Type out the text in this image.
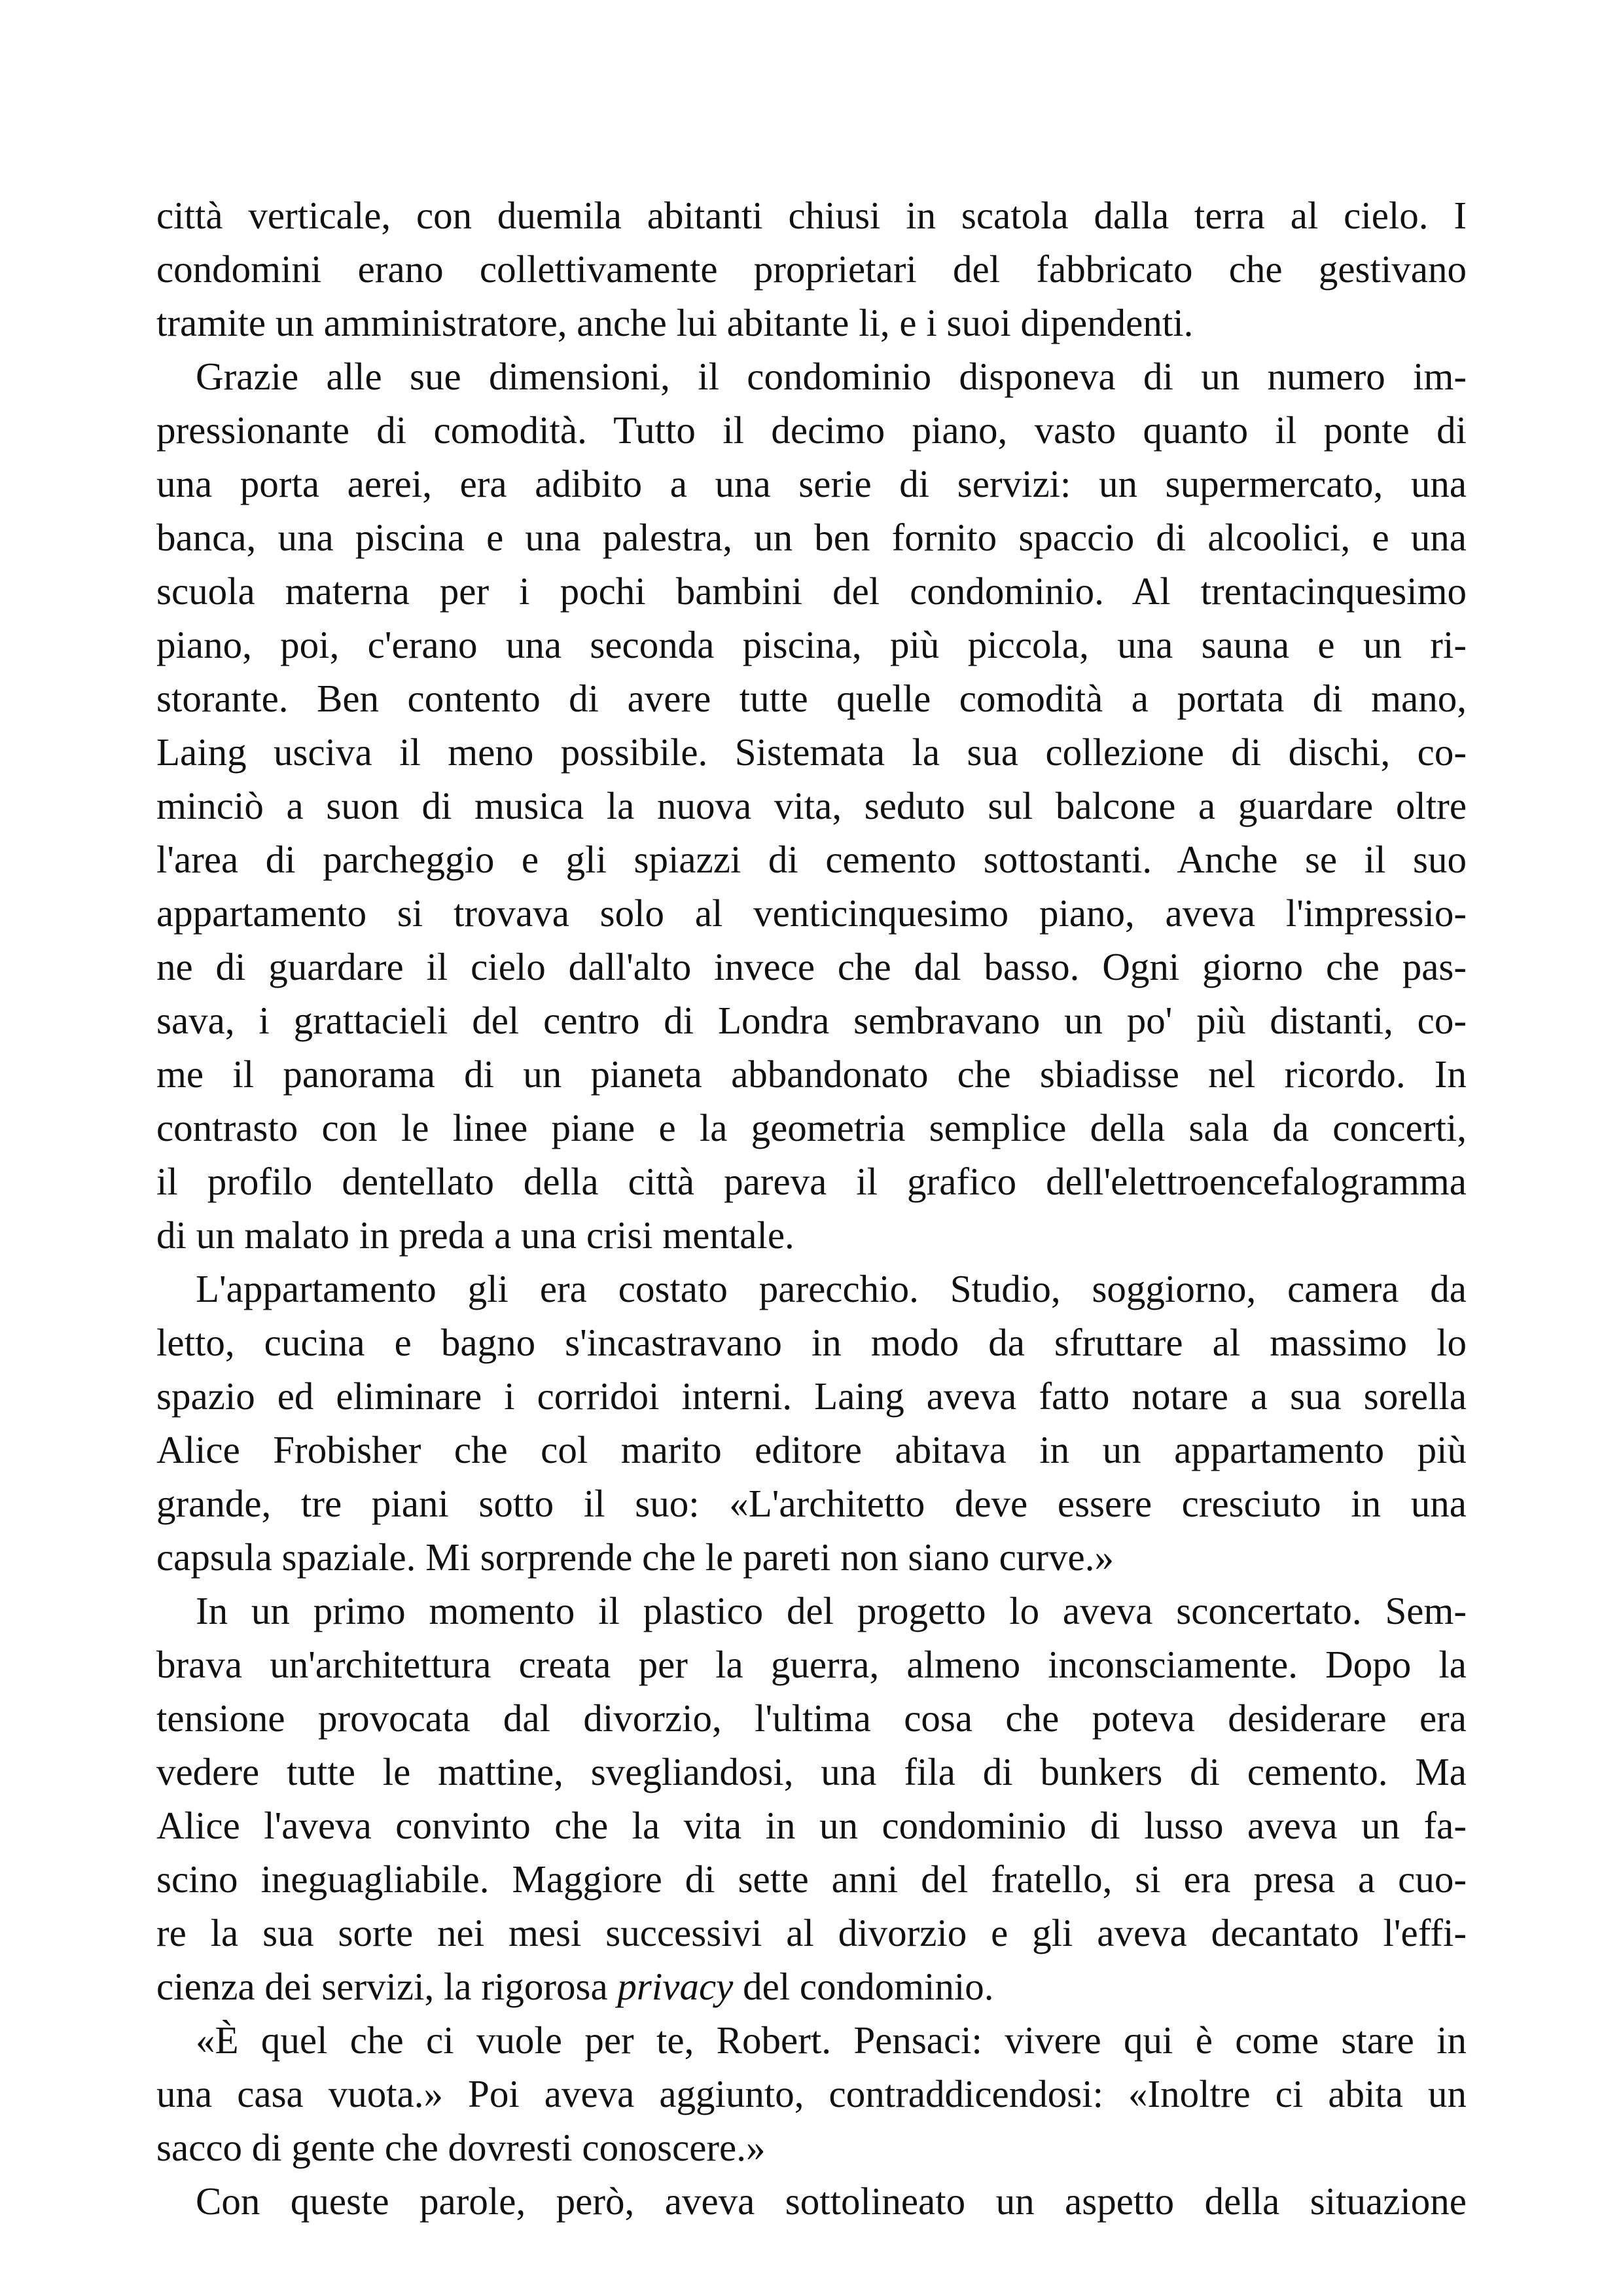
città verticale, con duemila abitanti chiusi in scatola dalla terra al cielo. I
condomini erano collettivamente proprietari del fabbricato che gestivano
tramite un amministratore, anche lui abitante li, e i suoi dipendenti.
Grazie alle sue dimensioni, il condominio disponeva di un numero im-
pressionante di comodità. Tutto il decimo piano, vasto quanto il ponte di
una porta aerei, era adibito a una serie di servizi: un supermercato, una
banca, una piscina e una palestra, un ben fornito spaccio di alcoolici, e una
scuola materna per i pochi bambini del condominio. Al trentacinquesimo
piano, poi, c'erano una seconda piscina, più piccola, una sauna e un ri-
storante. Ben contento di avere tutte quelle comodità a portata di mano,
Laing usciva il meno possibile. Sistemata la sua collezione di dischi, co-
minciò a suon di musica la nuova vita, seduto sul balcone a guardare oltre
l'area di parcheggio e gli spiazzi di cemento sottostanti. Anche se il suo
appartamento si trovava solo al venticinquesimo piano, aveva l'impressio-
ne di guardare il cielo dall'alto invece che dal basso. Ogni giorno che pas-
sava, i grattacieli del centro di Londra sembravano un po' più distanti, co-
me il panorama di un pianeta abbandonato che sbiadisse nel ricordo. In
contrasto con le linee piane e la geometria semplice della sala da concerti,
il profilo dentellato della città pareva il grafico dell'elettroencefalogramma
di un malato in preda a una crisi mentale.
L'appartamento gli era costato parecchio. Studio, soggiorno, camera da
letto, cucina e bagno s'incastravano in modo da sfruttare al massimo lo
spazio ed eliminare i corridoi interni. Laing aveva fatto notare a sua sorella
Alice Frobisher che col marito editore abitava in un appartamento più
grande, tre piani sotto il suo: «L'architetto deve essere cresciuto in una
capsula spaziale. Mi sorprende che le pareti non siano curve.»
In un primo momento il plastico del progetto lo aveva sconcertato. Sem-
brava un'architettura creata per la guerra, almeno inconsciamente. Dopo la
tensione provocata dal divorzio, l'ultima cosa che poteva desiderare era
vedere tutte le mattine, svegliandosi, una fila di bunkers di cemento. Ma
Alice l'aveva convinto che la vita in un condominio di lusso aveva un fa-
scino ineguagliabile. Maggiore di sette anni del fratello, si era presa a cuo-
re la sua sorte nei mesi successivi al divorzio e gli aveva decantato l'effi-
cienza dei servizi, la rigorosa privacy del condominio.
«È quel che ci vuole per te, Robert. Pensaci: vivere qui è come stare in
una casa vuota.» Poi aveva aggiunto, contraddicendosi: «Inoltre ci abita un
sacco di gente che dovresti conoscere.»
Con queste parole, però, aveva sottolineato un aspetto della situazione
